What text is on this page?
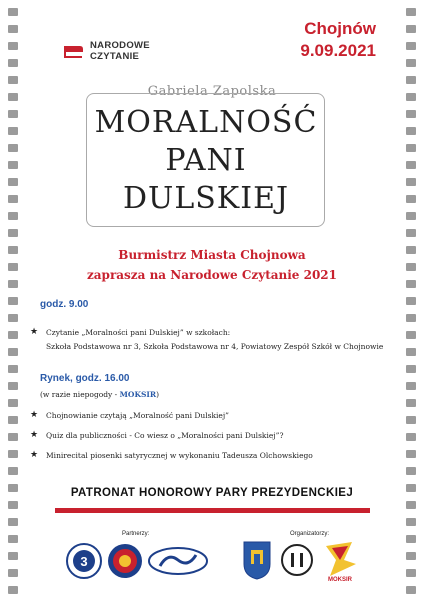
NARODOWE
CZYTANIE
Chojnów
9.09.2021
Gabriela Zapolska
MORALNOŚĆ
PANI
DULSKIEJ
Burmistrz Miasta Chojnowa
zaprasza na Narodowe Czytanie 2021
godz. 9.00
★ Czytanie „Moralności pani Dulskiej” w szkołach:
Szkoła Podstawowa nr 3, Szkoła Podstawowa nr 4, Powiatowy Zespół Szkół w Chojnowie
Rynek, godz. 16.00
(w razie niepogody - MOKSIR)
★ Chojnowianie czytają „Moralność pani Dulskiej”
★ Quiz dla publiczności - Co wiesz o „Moralności pani Dulskiej”?
★ Minirecital piosenki satyrycznej w wykonaniu Tadeusza Olchowskiego
PATRONAT HONOROWY PARY PREZYDENCKIEJ
Partnerzy:
3
Organizatorzy:
MOKSIR
